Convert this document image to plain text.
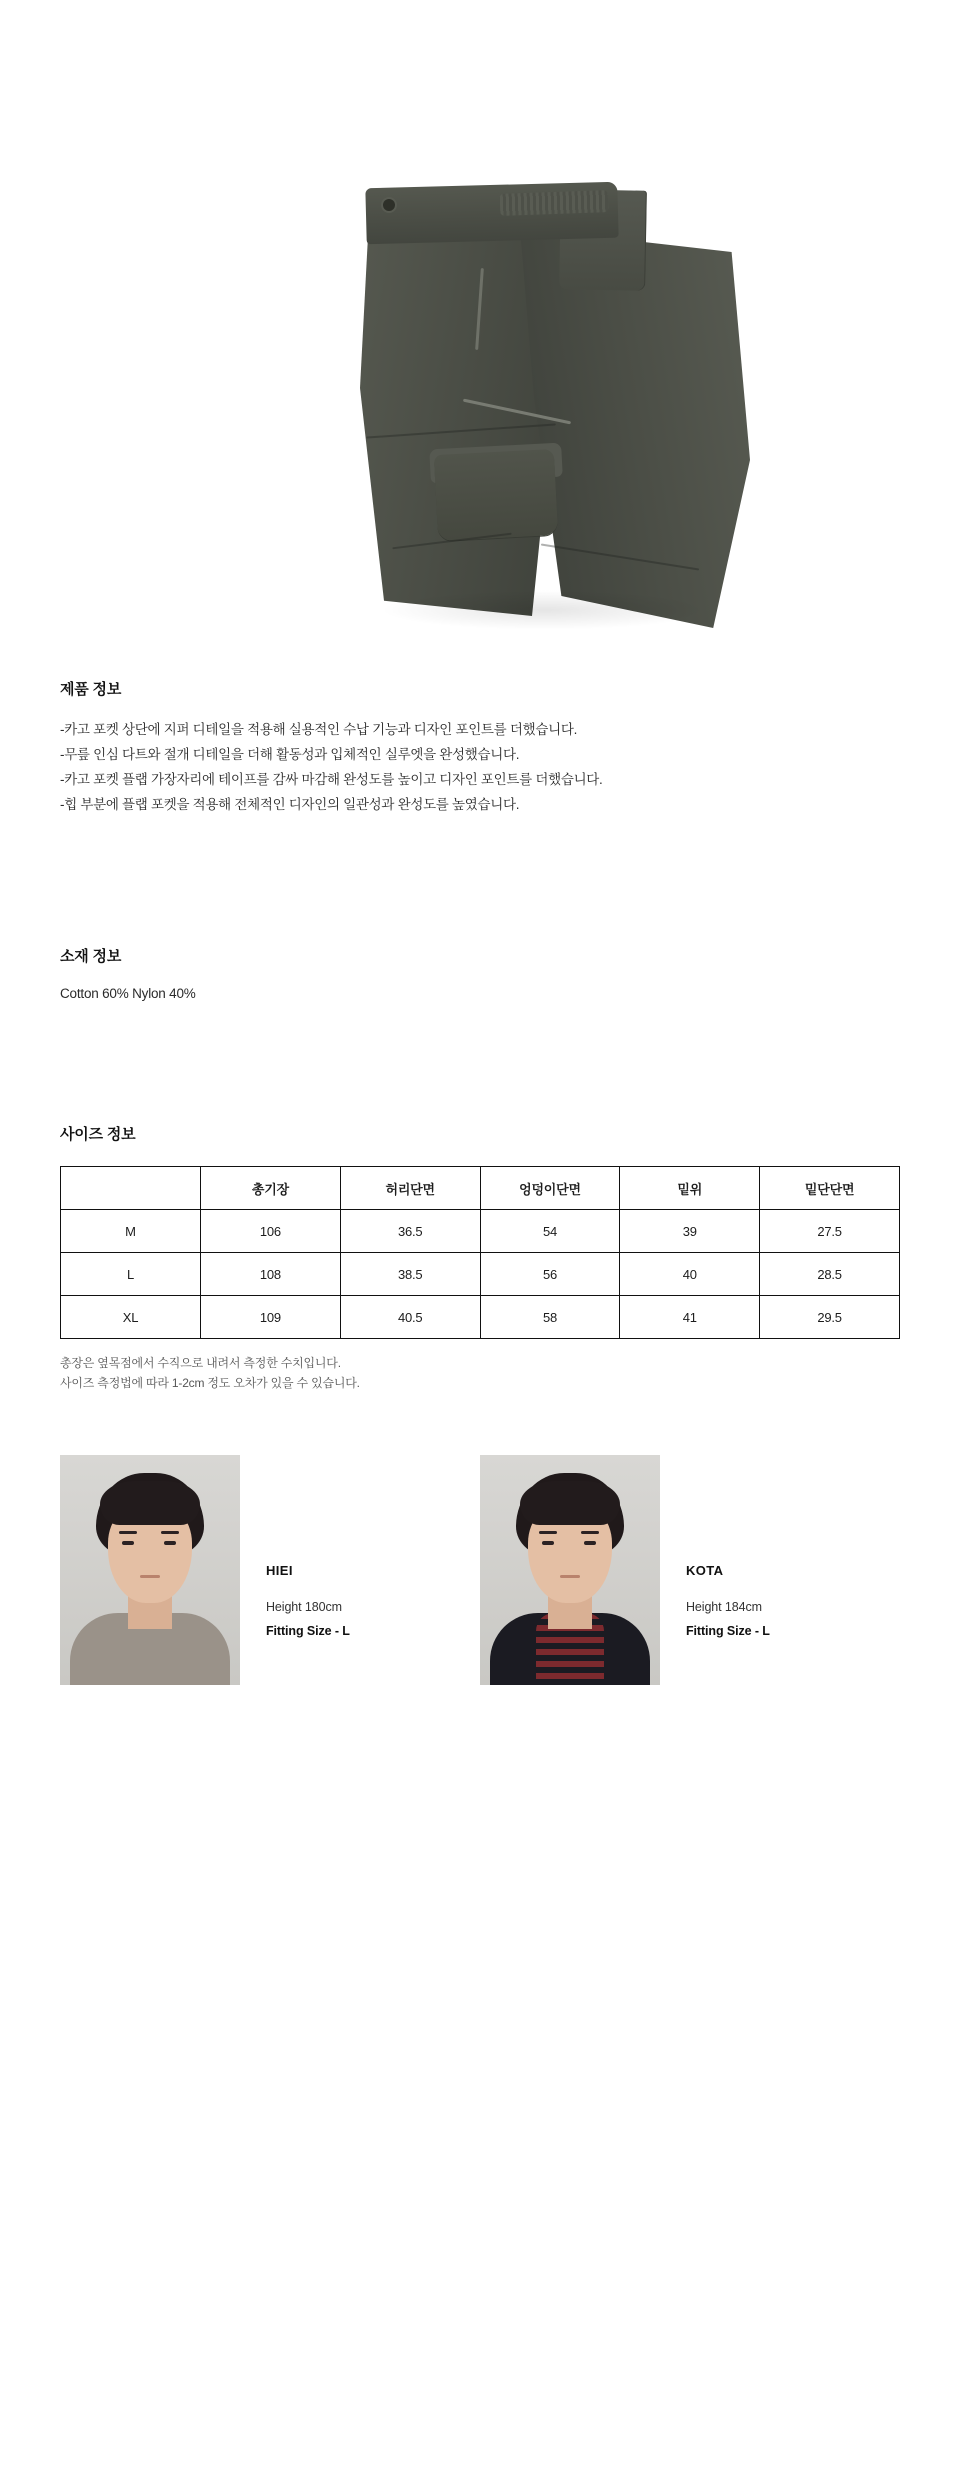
제품 정보
-카고 포켓 상단에 지퍼 디테일을 적용해 실용적인 수납 기능과 디자인 포인트를 더했습니다.
-무릎 인심 다트와 절개 디테일을 더해 활동성과 입체적인 실루엣을 완성했습니다.
-카고 포켓 플랩 가장자리에 테이프를 감싸 마감해 완성도를 높이고 디자인 포인트를 더했습니다.
-힙 부분에 플랩 포켓을 적용해 전체적인 디자인의 일관성과 완성도를 높였습니다.
소재 정보
Cotton 60% Nylon 40%
사이즈 정보
	총기장	허리단면	엉덩이단면	밑위	밑단단면
M	106	36.5	54	39	27.5
L	108	38.5	56	40	28.5
XL	109	40.5	58	41	29.5
총장은 옆목점에서 수직으로 내려서 측정한 수치입니다.
사이즈 측정법에 따라 1-2cm 정도 오차가 있을 수 있습니다.
HIEI
Height 180cm
Fitting Size - L
KOTA
Height 184cm
Fitting Size - L
